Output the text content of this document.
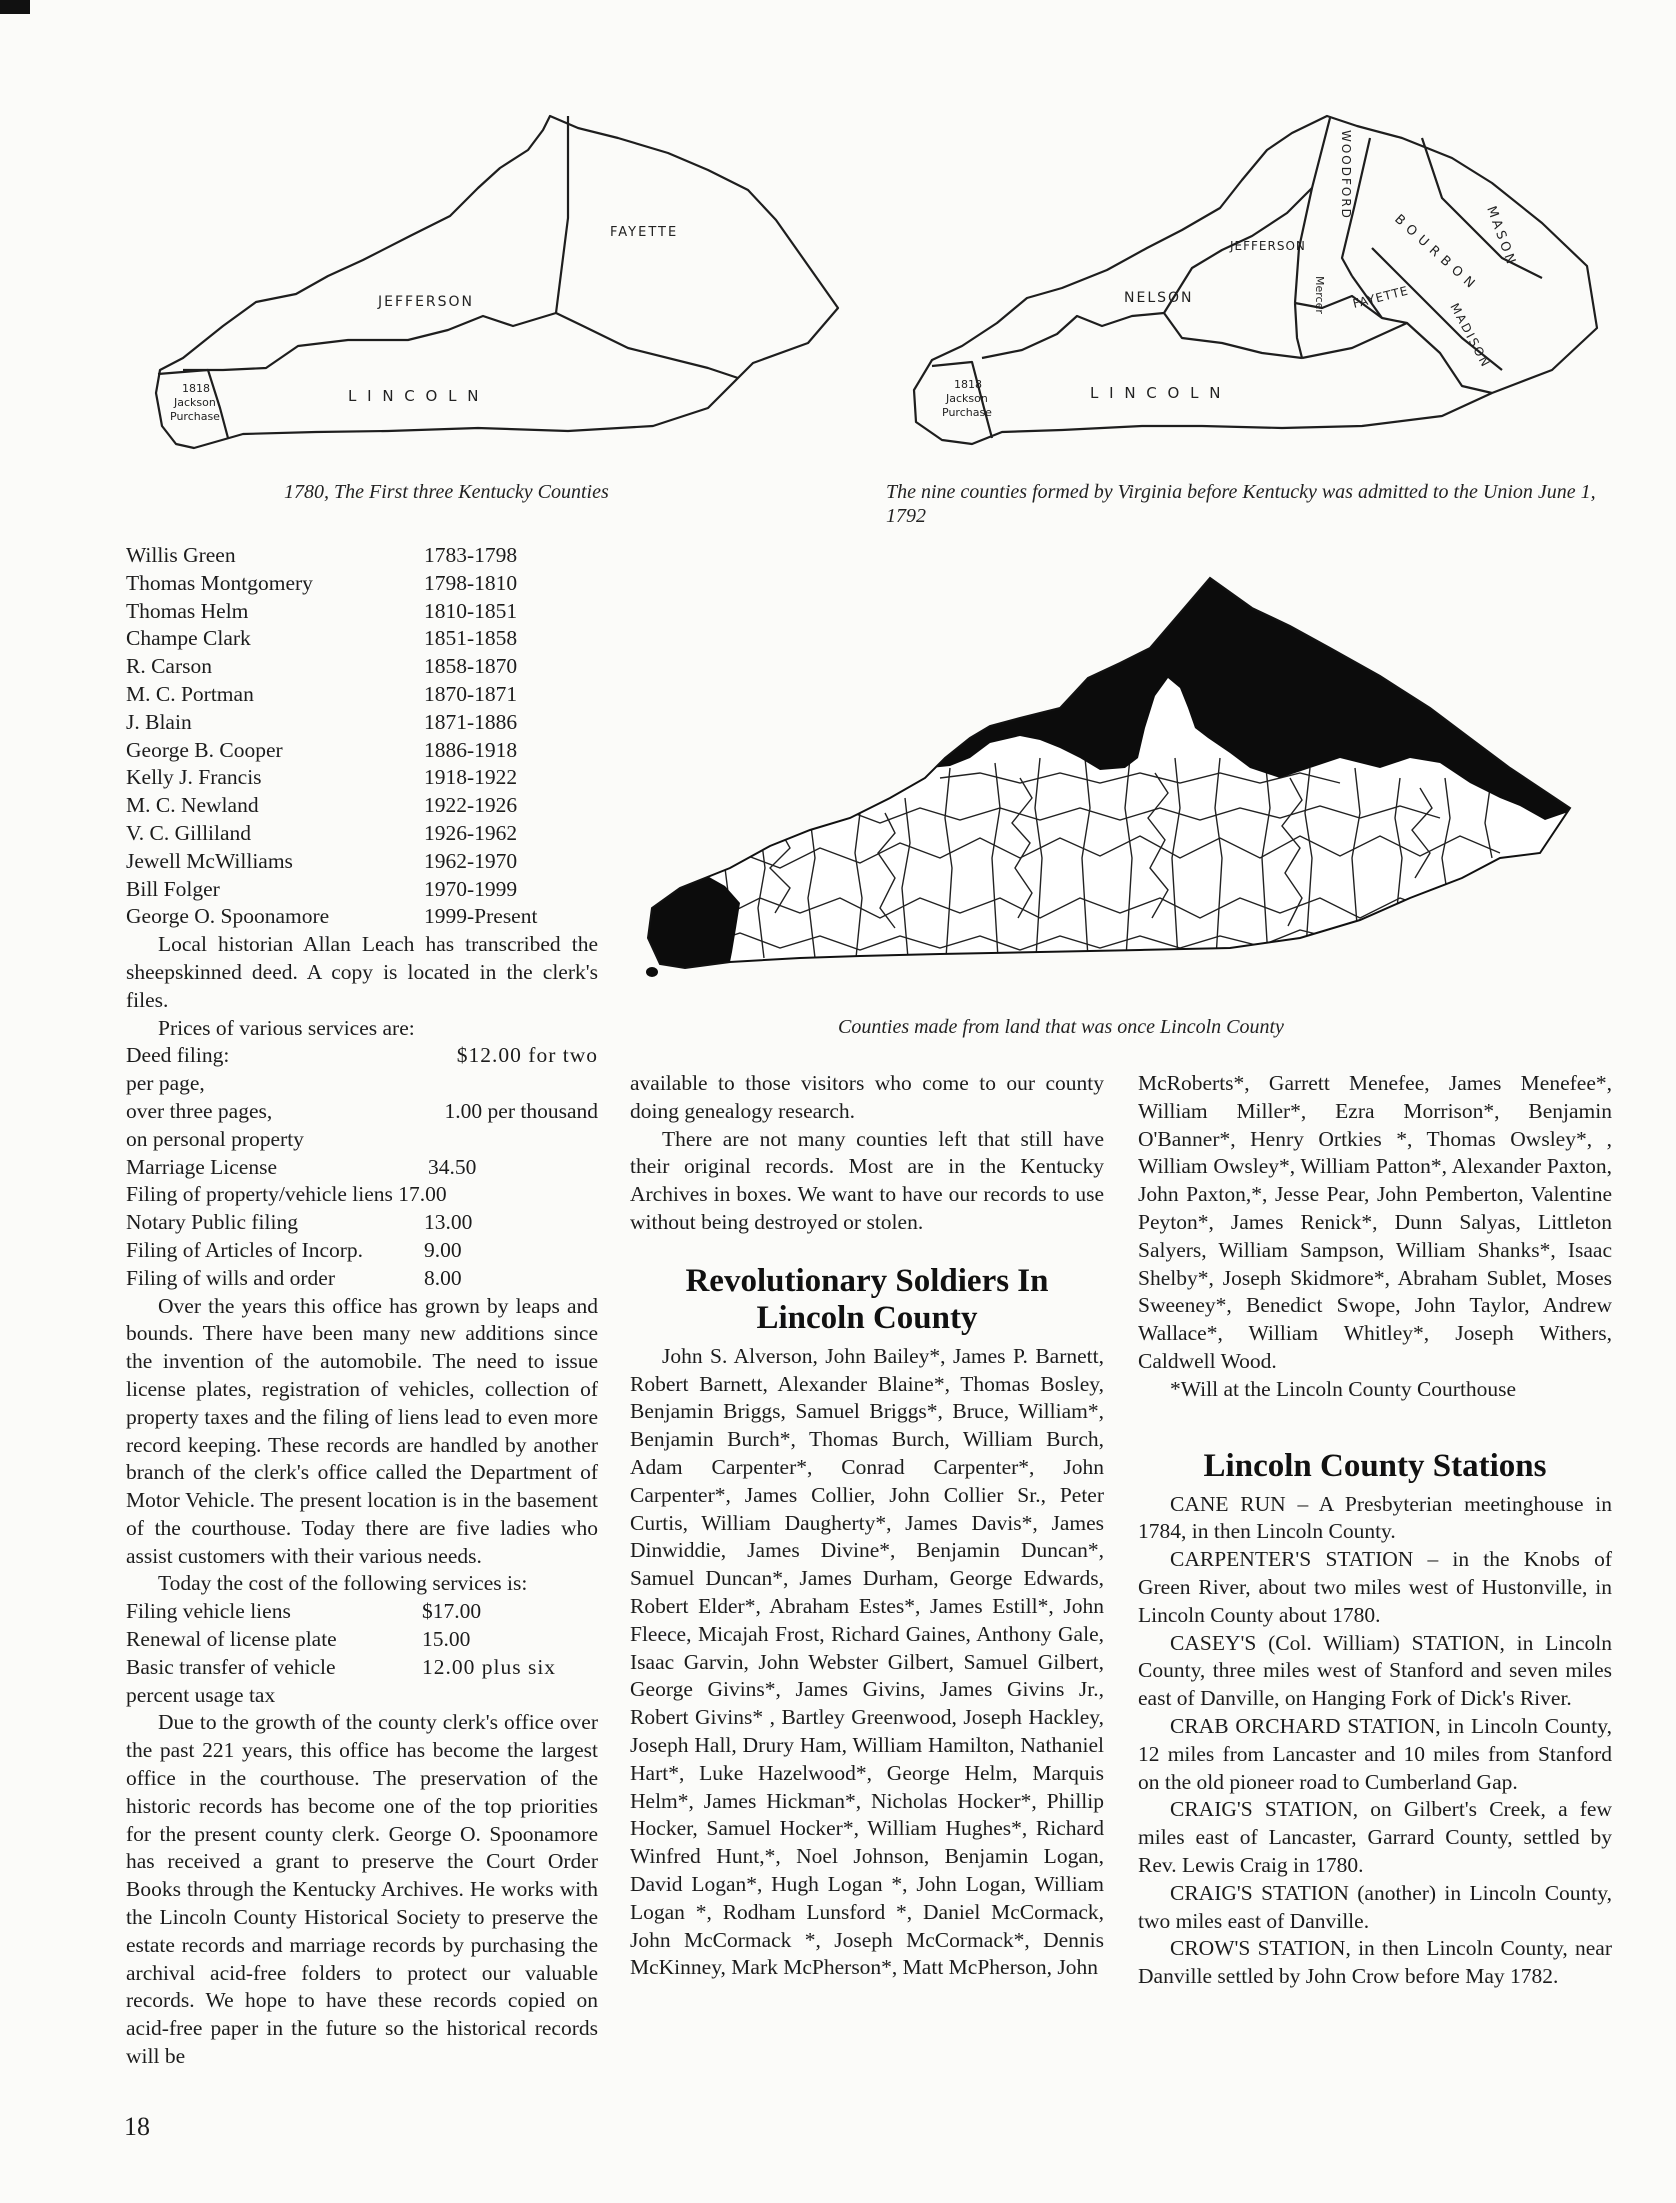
FAYETTE
JEFFERSON
L I N C O L N
1818
Jackson
Purchase
1780, The First three Kentucky Counties
WOODFORD
MASON
JEFFERSON	BOURBON
NELSON	Mercer FAYETTE
MADISON
L I N C O L N
1818
Jackson
Purchase
The nine counties formed by Virginia before Kentucky was admitted to the Union June 1, 1792
Counties made from land that was once Lincoln County
Willis Green	1783-1798
Thomas Montgomery	1798-1810
Thomas Helm	1810-1851
Champe Clark	1851-1858
R. Carson	1858-1870
M. C. Portman	1870-1871
J. Blain	1871-1886
George B. Cooper	1886-1918
Kelly J. Francis	1918-1922
M. C. Newland	1922-1926
V. C. Gilliland	1926-1962
Jewell McWilliams	1962-1970
Bill Folger	1970-1999
George O. Spoonamore	1999-Present

Local historian Allan Leach has transcribed the sheepskinned deed. A copy is located in the clerk's files.

Prices of various services are:

Deed filing:	$12.00 for two
per page,
over three pages,	1.00 per thousand
on personal property
Marriage License	34.50
Filing of property/vehicle liens 17.00
Notary Public filing	13.00
Filing of Articles of Incorp.	9.00
Filing of wills and order	8.00

Over the years this office has grown by leaps and bounds. There have been many new additions since the invention of the automobile. The need to issue license plates, registration of vehicles, collection of property taxes and the filing of liens lead to even more record keeping. These records are handled by another branch of the clerk's office called the Department of Motor Vehicle. The present location is in the basement of the courthouse. Today there are five ladies who assist customers with their various needs.

Today the cost of the following services is:

Filing vehicle liens	$17.00
Renewal of license plate	15.00
Basic transfer of vehicle	12.00 plus six
percent usage tax

Due to the growth of the county clerk's office over the past 221 years, this office has become the largest office in the courthouse. The preservation of the historic records has become one of the top priorities for the present county clerk. George O. Spoonamore has received a grant to preserve the Court Order Books through the Kentucky Archives. He works with the Lincoln County Historical Society to preserve the estate records and marriage records by purchasing the archival acid-free folders to protect our valuable records. We hope to have these records copied on acid-free paper in the future so the historical records will be

available to those visitors who come to our county doing genealogy research.

There are not many counties left that still have their original records. Most are in the Kentucky Archives in boxes. We want to have our records to use without being destroyed or stolen.

Revolutionary Soldiers In
Lincoln County

John S. Alverson, John Bailey*, James P. Barnett, Robert Barnett, Alexander Blaine*, Thomas Bosley, Benjamin Briggs, Samuel Briggs*, Bruce, William*, Benjamin Burch*, Thomas Burch, William Burch, Adam Carpenter*, Conrad Carpenter*, John Carpenter*, James Collier, John Collier Sr., Peter Curtis, William Daugherty*, James Davis*, James Dinwiddie, James Divine*, Benjamin Duncan*, Samuel Duncan*, James Durham, George Edwards, Robert Elder*, Abraham Estes*, James Estill*, John Fleece, Micajah Frost, Richard Gaines, Anthony Gale, Isaac Garvin, John Webster Gilbert, Samuel Gilbert, George Givins*, James Givins, James Givins Jr., Robert Givins* , Bartley Greenwood, Joseph Hackley, Joseph Hall, Drury Ham, William Hamilton, Nathaniel Hart*, Luke Hazelwood*, George Helm, Marquis Helm*, James Hickman*, Nicholas Hocker*, Phillip Hocker, Samuel Hocker*, William Hughes*, Richard Winfred Hunt,*, Noel Johnson, Benjamin Logan, David Logan*, Hugh Logan *, John Logan, William Logan *, Rodham Lunsford *, Daniel McCormack, John McCormack *, Joseph McCormack*, Dennis McKinney, Mark McPherson*, Matt McPherson, John

McRoberts*, Garrett Menefee, James Menefee*, William Miller*, Ezra Morrison*, Benjamin O'Banner*, Henry Ortkies *, Thomas Owsley*, , William Owsley*, William Patton*, Alexander Paxton, John Paxton,*, Jesse Pear, John Pemberton, Valentine Peyton*, James Renick*, Dunn Salyas, Littleton Salyers, William Sampson, William Shanks*, Isaac Shelby*, Joseph Skidmore*, Abraham Sublet, Moses Sweeney*, Benedict Swope, John Taylor, Andrew Wallace*, William Whitley*, Joseph Withers, Caldwell Wood.

*Will at the Lincoln County Courthouse

Lincoln County Stations

CANE RUN – A Presbyterian meetinghouse in 1784, in then Lincoln County.

CARPENTER'S STATION – in the Knobs of Green River, about two miles west of Hustonville, in Lincoln County about 1780.

CASEY'S (Col. William) STATION, in Lincoln County, three miles west of Stanford and seven miles east of Danville, on Hanging Fork of Dick's River.

CRAB ORCHARD STATION, in Lincoln County, 12 miles from Lancaster and 10 miles from Stanford on the old pioneer road to Cumberland Gap.

CRAIG'S STATION, on Gilbert's Creek, a few miles east of Lancaster, Garrard County, settled by Rev. Lewis Craig in 1780.

CRAIG'S STATION (another) in Lincoln County, two miles east of Danville.

CROW'S STATION, in then Lincoln County, near Danville settled by John Crow before May 1782.

18
